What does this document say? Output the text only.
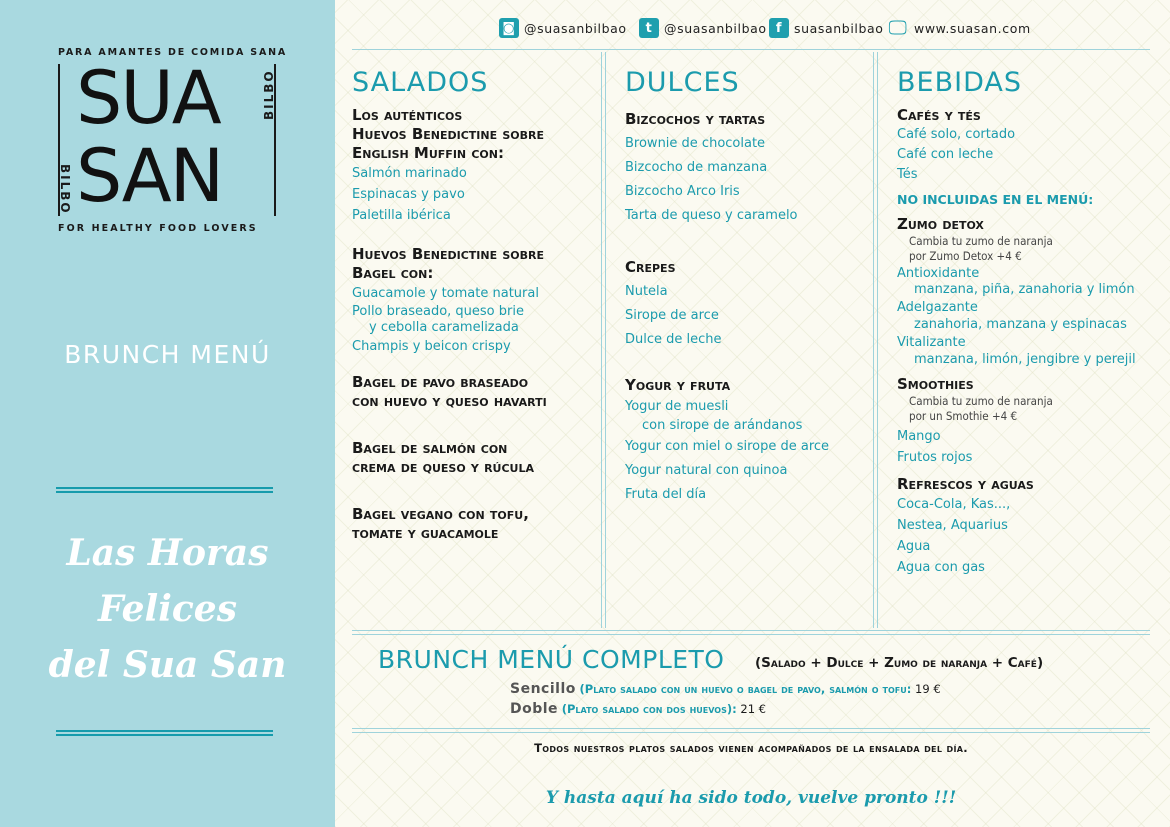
PARA AMANTES DE COMIDA SANA
SUA
SAN
BILBO
BILBO
FOR HEALTHY FOOD LOVERS
BRUNCH MENÚ
Las Horas
Felices
del Sua San
◙ @suasanbilbao	t @suasanbilbao f suasanbilbao 🖵 www.suasan.com
SALADOS
Los auténticos
Huevos Benedictine sobre
English Muffin con:
Salmón marinado
Espinacas y pavo
Paletilla ibérica
Huevos Benedictine sobre
Bagel con:
Guacamole y tomate natural
Pollo braseado, queso brie
y cebolla caramelizada
Champis y beicon crispy
Bagel de pavo braseado
con huevo y queso havarti
Bagel de salmón con
crema de queso y rúcula
Bagel vegano con tofu,
tomate y guacamole
DULCES
Bizcochos y tartas
Brownie de chocolate
Bizcocho de manzana
Bizcocho Arco Iris
Tarta de queso y caramelo
Crepes
Nutela
Sirope de arce
Dulce de leche
Yogur y fruta
Yogur de muesli
con sirope de arándanos
Yogur con miel o sirope de arce
Yogur natural con quinoa
Fruta del día
BEBIDAS
Cafés y tés
Café solo, cortado
Café con leche
Tés
NO INCLUIDAS EN EL MENÚ:
Zumo detox
Cambia tu zumo de naranja
por Zumo Detox +4 €
Antioxidante
manzana, piña, zanahoria y limón
Adelgazante
zanahoria, manzana y espinacas
Vitalizante
manzana, limón, jengibre y perejil
Smoothies
Cambia tu zumo de naranja
por un Smothie +4 €
Mango
Frutos rojos
Refrescos y aguas
Coca-Cola, Kas...,
Nestea, Aquarius
Agua
Agua con gas
BRUNCH MENÚ COMPLETO (Salado + Dulce + Zumo de naranja + Café)
Sencillo (Plato salado con un huevo o bagel de pavo, salmón o tofu: 19 €
Doble (Plato salado con dos huevos): 21 €
Todos nuestros platos salados vienen acompañados de la ensalada del día.
Y hasta aquí ha sido todo, vuelve pronto !!!
